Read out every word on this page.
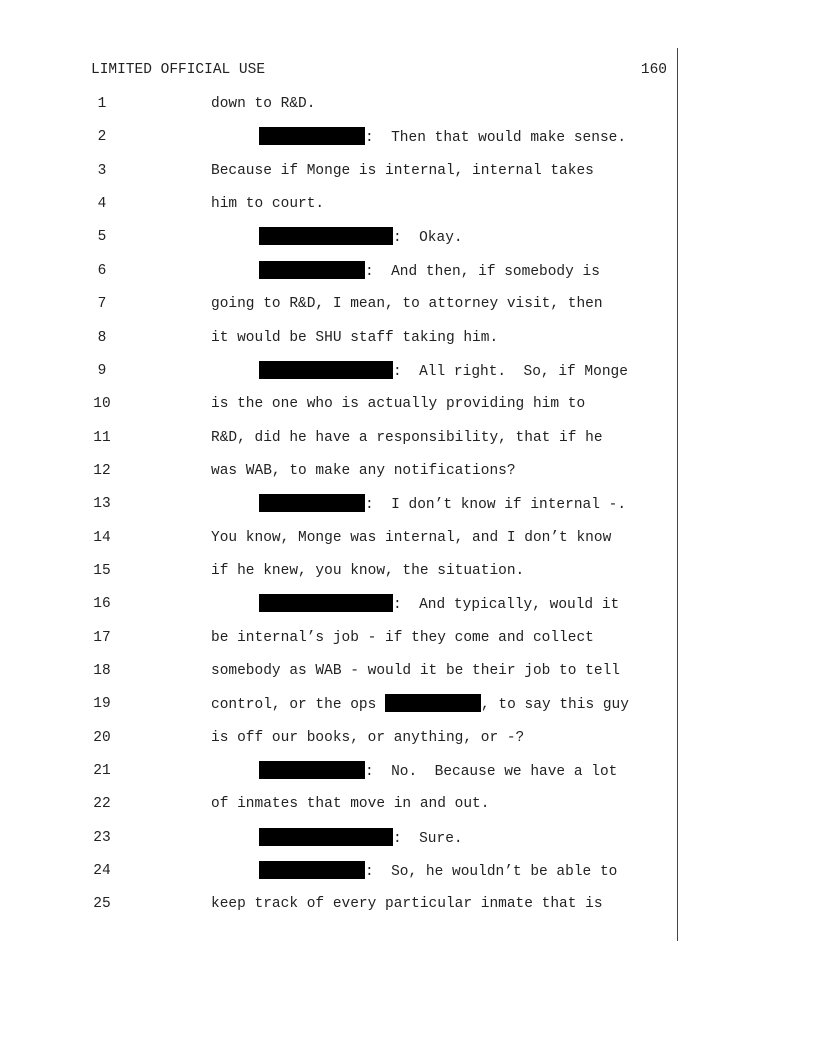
LIMITED OFFICIAL USE	160
1	down to R&D.
2	:  Then that would make sense.
3	Because if Monge is internal, internal takes
4	him to court.
5	:  Okay.
6	:  And then, if somebody is
7	going to R&D, I mean, to attorney visit, then
8	it would be SHU staff taking him.
9	:  All right.  So, if Monge
10	is the one who is actually providing him to
11	R&D, did he have a responsibility, that if he
12	was WAB, to make any notifications?
13	:  I don’t know if internal -.
14	You know, Monge was internal, and I don’t know
15	if he knew, you know, the situation.
16	:  And typically, would it
17	be internal’s job - if they come and collect
18	somebody as WAB - would it be their job to tell
19	control, or the ops	, to say this guy
20	is off our books, or anything, or -?
21	:  No.  Because we have a lot
22	of inmates that move in and out.
23	:  Sure.
24	:  So, he wouldn’t be able to
25	keep track of every particular inmate that is
